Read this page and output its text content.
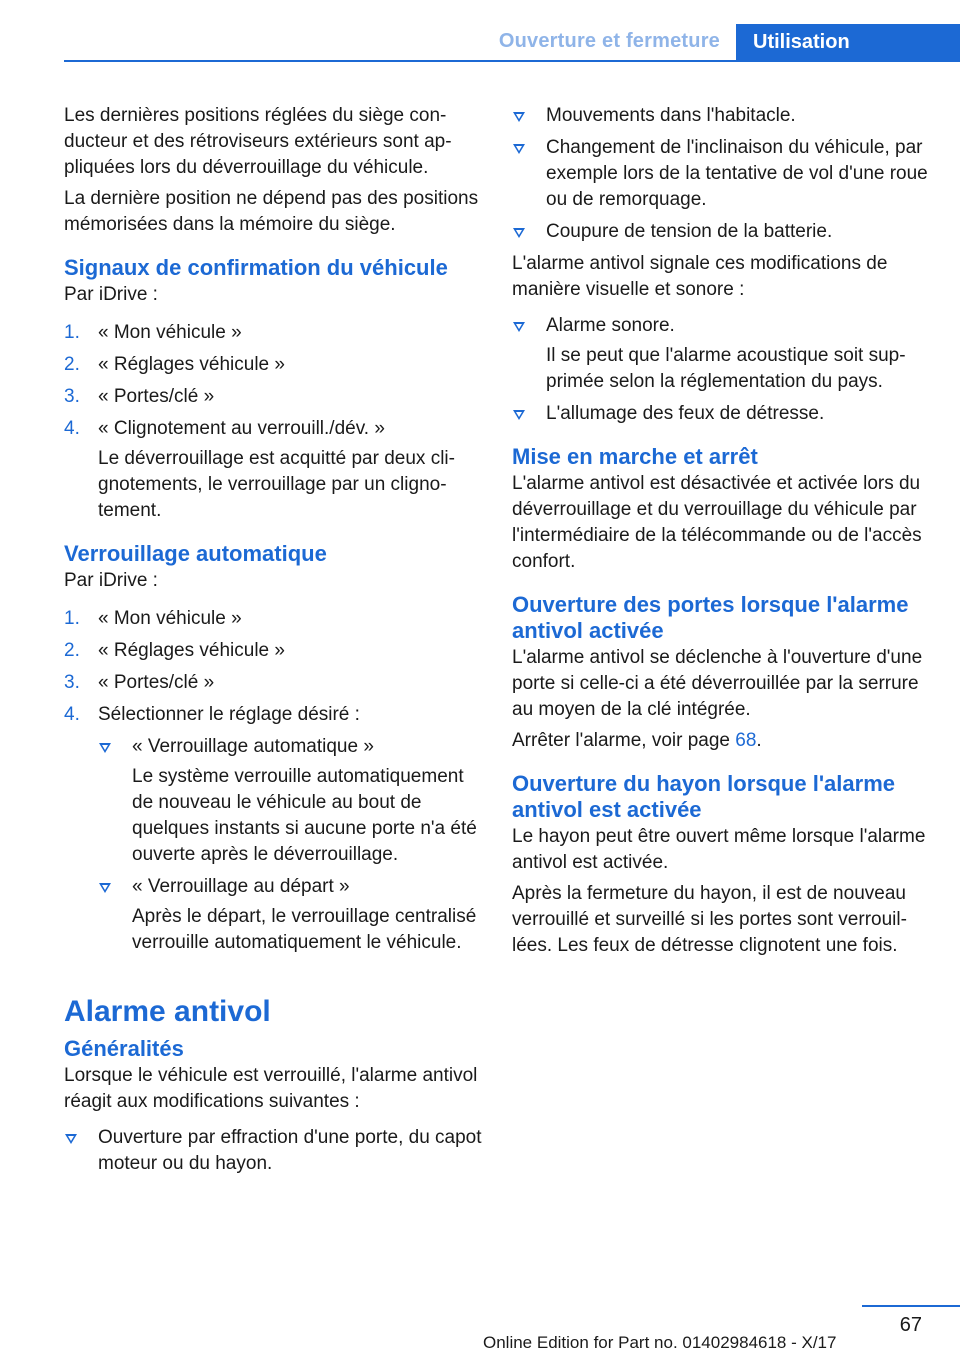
Ouverture et fermeture	Utilisation

Les dernières positions réglées du siège conducteur et des rétroviseurs extérieurs sont appliquées lors du déverrouillage du véhicule.

La dernière position ne dépend pas des positions mémorisées dans la mémoire du siège.

Signaux de confirmation du véhicule

Par iDrive :

1. « Mon véhicule »
2. « Réglages véhicule »
3. « Portes/clé »
4. « Clignotement au verrouill./dév. »

Le déverrouillage est acquitté par deux clignotements, le verrouillage par un clignotement.

Verrouillage automatique

Par iDrive :

1. « Mon véhicule »
2. « Réglages véhicule »
3. « Portes/clé »
4. Sélectionner le réglage désiré :
« Verrouillage automatique »

Le système verrouille automatiquement de nouveau le véhicule au bout de quelques instants si aucune porte n'a été ouverte après le déverrouillage.

« Verrouillage au départ »

Après le départ, le verrouillage centralisé verrouille automatiquement le véhicule.

Alarme antivol
Généralités

Lorsque le véhicule est verrouillé, l'alarme antivol réagit aux modifications suivantes :

Ouverture par effraction d'une porte, du capot moteur ou du hayon.
Mouvements dans l'habitacle.
Changement de l'inclinaison du véhicule, par exemple lors de la tentative de vol d'une roue ou de remorquage.
Coupure de tension de la batterie.

L'alarme antivol signale ces modifications de manière visuelle et sonore :

Alarme sonore.

Il se peut que l'alarme acoustique soit supprimée selon la réglementation du pays.

L'allumage des feux de détresse.
Mise en marche et arrêt

L'alarme antivol est désactivée et activée lors du déverrouillage et du verrouillage du véhicule par l'intermédiaire de la télécommande ou de l'accès confort.

Ouverture des portes lorsque l'alarme antivol activée

L'alarme antivol se déclenche à l'ouverture d'une porte si celle-ci a été déverrouillée par la serrure au moyen de la clé intégrée.

Arrêter l'alarme, voir page 68.

Ouverture du hayon lorsque l'alarme antivol est activée

Le hayon peut être ouvert même lorsque l'alarme antivol est activée.

Après la fermeture du hayon, il est de nouveau verrouillé et surveillé si les portes sont verrouillées. Les feux de détresse clignotent une fois.

67
Online Edition for Part no. 01402984618 - X/17
